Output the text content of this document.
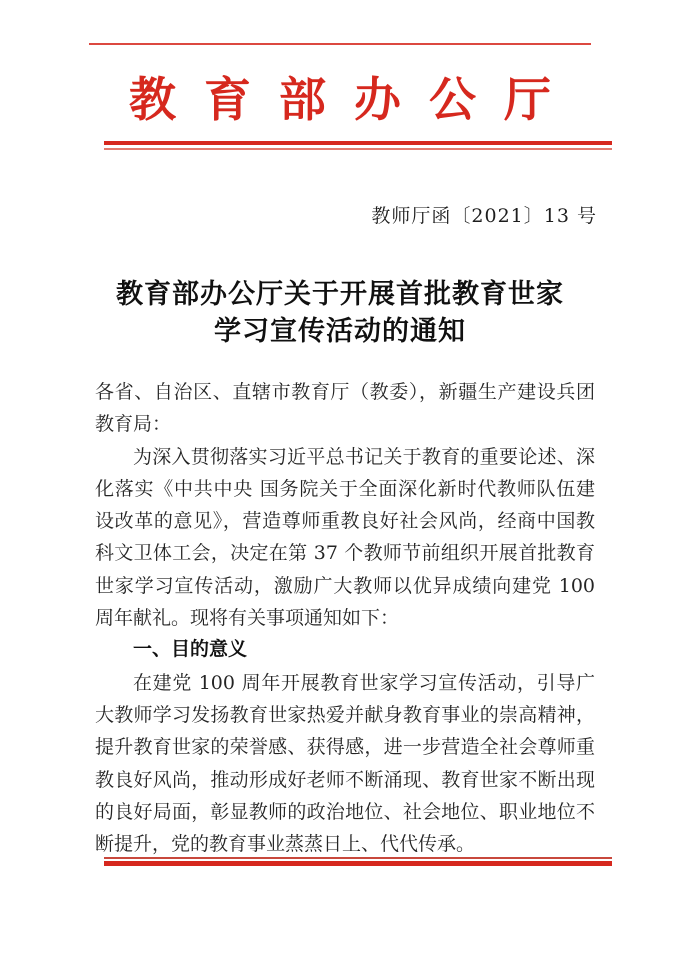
教育部办公厅
教师厅函〔2021〕13 号
教育部办公厅关于开展首批教育世家
学习宣传活动的通知

各省、自治区、直辖市教育厅（教委），新疆生产建设兵团教育局：

为深入贯彻落实习近平总书记关于教育的重要论述、深化落实《中共中央 国务院关于全面深化新时代教师队伍建设改革的意见》，营造尊师重教良好社会风尚，经商中国教科文卫体工会，决定在第 37 个教师节前组织开展首批教育世家学习宣传活动，激励广大教师以优异成绩向建党 100 周年献礼。现将有关事项通知如下：

一、目的意义

在建党 100 周年开展教育世家学习宣传活动，引导广大教师学习发扬教育世家热爱并献身教育事业的崇高精神，提升教育世家的荣誉感、获得感，进一步营造全社会尊师重教良好风尚，推动形成好老师不断涌现、教育世家不断出现的良好局面，彰显教师的政治地位、社会地位、职业地位不断提升，党的教育事业蒸蒸日上、代代传承。
